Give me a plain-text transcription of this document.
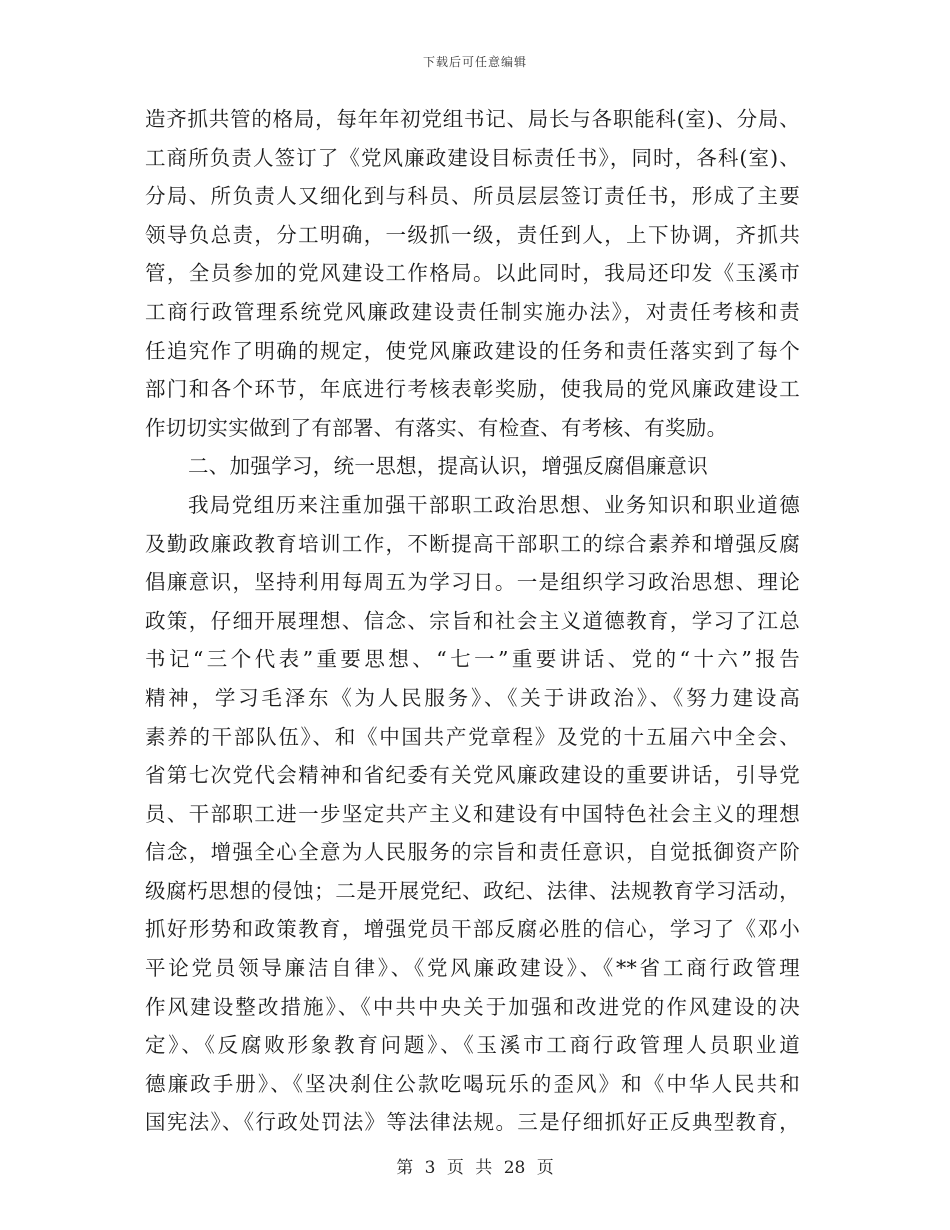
下载后可任意编辑
造齐抓共管的格局，每年年初党组书记、局长与各职能科(室)、分局、
工商所负责人签订了《党风廉政建设目标责任书》，同时，各科(室)、
分局、所负责人又细化到与科员、所员层层签订责任书，形成了主要
领导负总责，分工明确，一级抓一级，责任到人，上下协调，齐抓共
管，全员参加的党风建设工作格局。以此同时，我局还印发《玉溪市
工商行政管理系统党风廉政建设责任制实施办法》，对责任考核和责
任追究作了明确的规定，使党风廉政建设的任务和责任落实到了每个
部门和各个环节，年底进行考核表彰奖励，使我局的党风廉政建设工
作切切实实做到了有部署、有落实、有检查、有考核、有奖励。
二、加强学习，统一思想，提高认识，增强反腐倡廉意识
我局党组历来注重加强干部职工政治思想、业务知识和职业道德
及勤政廉政教育培训工作，不断提高干部职工的综合素养和增强反腐
倡廉意识，坚持利用每周五为学习日。一是组织学习政治思想、理论
政策，仔细开展理想、信念、宗旨和社会主义道德教育，学习了江总
书记“三个代表”重要思想、“七一”重要讲话、党的“十六”报告
精神，学习毛泽东《为人民服务》、《关于讲政治》、《努力建设高
素养的干部队伍》、和《中国共产党章程》及党的十五届六中全会、
省第七次党代会精神和省纪委有关党风廉政建设的重要讲话，引导党
员、干部职工进一步坚定共产主义和建设有中国特色社会主义的理想
信念，增强全心全意为人民服务的宗旨和责任意识，自觉抵御资产阶
级腐朽思想的侵蚀；二是开展党纪、政纪、法律、法规教育学习活动，
抓好形势和政策教育，增强党员干部反腐必胜的信心，学习了《邓小
平论党员领导廉洁自律》、《党风廉政建设》、《**省工商行政管理
作风建设整改措施》、《中共中央关于加强和改进党的作风建设的决
定》、《反腐败形象教育问题》、《玉溪市工商行政管理人员职业道
德廉政手册》、《坚决刹住公款吃喝玩乐的歪风》和《中华人民共和
国宪法》、《行政处罚法》等法律法规。三是仔细抓好正反典型教育，
第 3 页 共 28 页
